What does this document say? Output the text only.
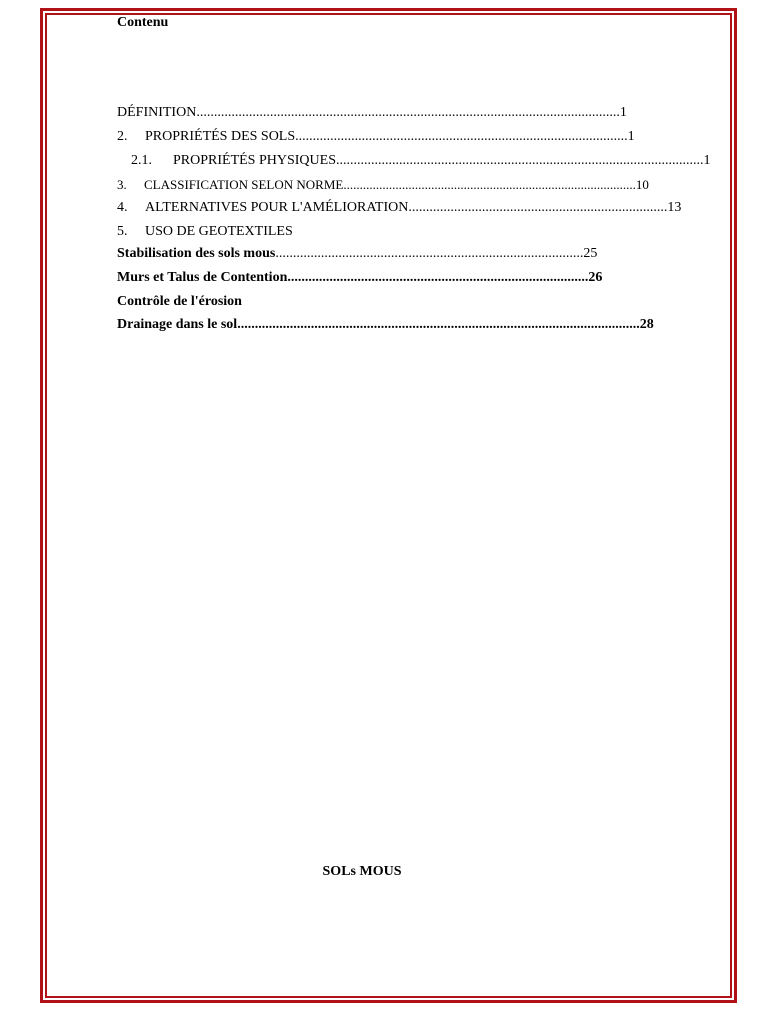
Contenu
DÉFINITION.........................................................................................................................1
2. PROPRIÉTÉS DES SOLS...............................................................................................1
2.1. PROPRIÉTÉS PHYSIQUES.........................................................................................................1
3. CLASSIFICATION SELON NORME..........................................................................................10
4. ALTERNATIVES POUR L'AMÉLIORATION..........................................................................13
5. USO DE GEOTEXTILES
Stabilisation des sols mous........................................................................................25
Murs et Talus de Contention......................................................................................26
Contrôle de l'érosion
Drainage dans le sol...................................................................................................................28
SOLs MOUS
